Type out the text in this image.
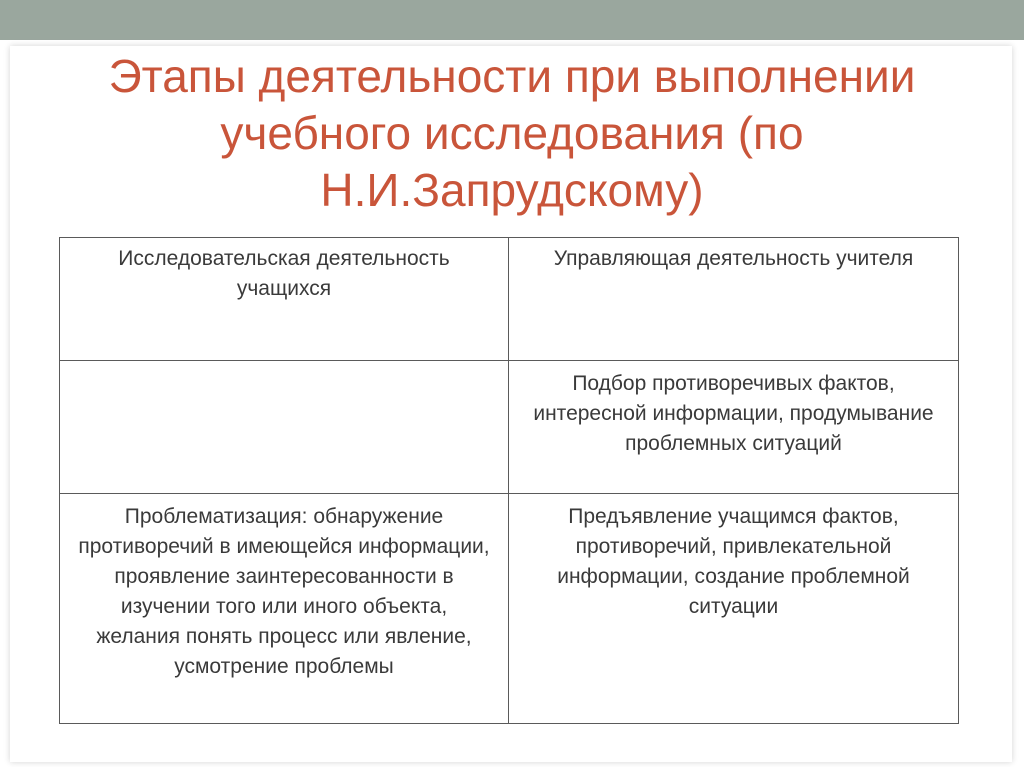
Этапы деятельности при выполнении учебного исследования (по Н.И.Запрудскому)
Исследовательская деятельность учащихся	Управляющая деятельность учителя
	Подбор противоречивых фактов, интересной информации, продумывание проблемных ситуаций
Проблематизация: обнаружение противоречий в имеющейся информации, проявление заинтересованности в изучении того или иного объекта, желания понять процесс или явление, усмотрение проблемы	Предъявление учащимся фактов, противоречий, привлекательной информации, создание проблемной ситуации
